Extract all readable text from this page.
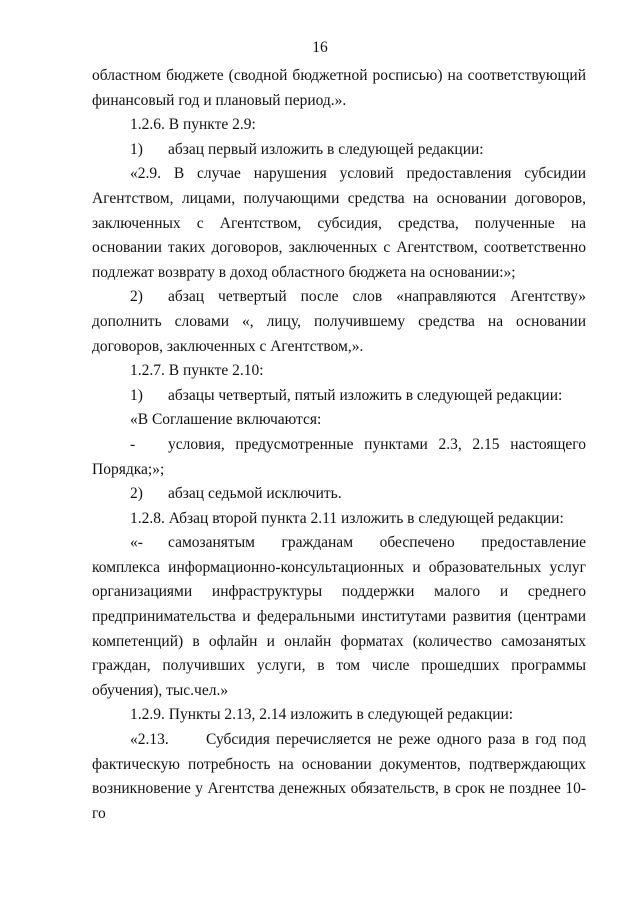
16

областном бюджете (сводной бюджетной росписью) на соответствующий финансовый год и плановый период.».

1.2.6. В пункте 2.9:

1)	абзац первый изложить в следующей редакции:

«2.9. В случае нарушения условий предоставления субсидии Агентством, лицами, получающими средства на основании договоров, заключенных с Агентством, субсидия, средства, полученные на основании таких договоров, заключенных с Агентством, соответственно подлежат возврату в доход областного бюджета на основании:»;

2) абзац четвертый после слов «направляются Агентству» дополнить словами «, лицу, получившему средства на основании договоров, заключенных с Агентством,».

1.2.7. В пункте 2.10:

1)	абзацы четвертый, пятый изложить в следующей редакции:

«В Соглашение включаются:

- условия, предусмотренные пунктами 2.3, 2.15 настоящего Порядка;»;

2)	абзац седьмой исключить.

1.2.8. Абзац второй пункта 2.11 изложить в следующей редакции:

«- самозанятым гражданам обеспечено предоставление комплекса информационно-консультационных и образовательных услуг организациями инфраструктуры поддержки малого и среднего предпринимательства и федеральными институтами развития (центрами компетенций) в офлайн и онлайн форматах (количество самозанятых граждан, получивших услуги, в том числе прошедших программы обучения), тыс.чел.»

1.2.9. Пункты 2.13, 2.14 изложить в следующей редакции:

«2.13. Субсидия перечисляется не реже одного раза в год под фактическую потребность на основании документов, подтверждающих возникновение у Агентства денежных обязательств, в срок не позднее 10-го
